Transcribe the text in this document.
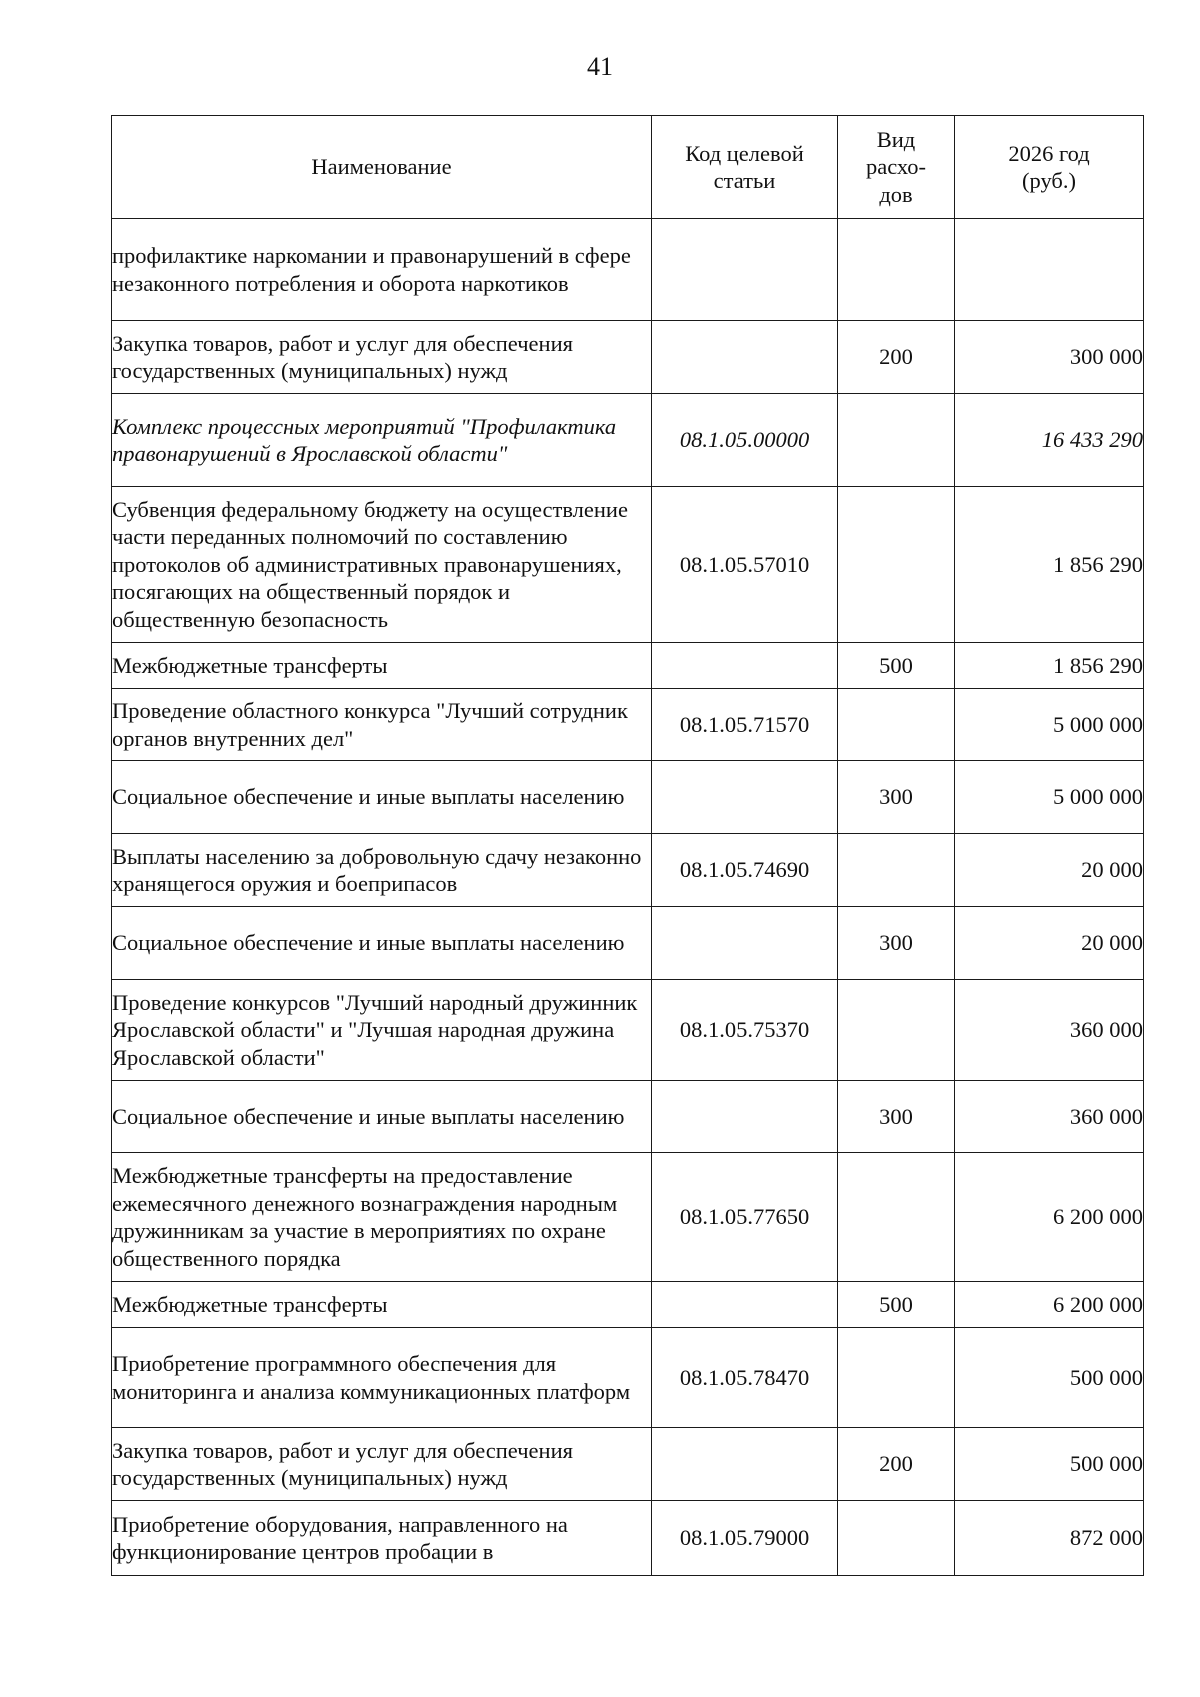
41
Наименование	Код целевой статьи	Вид расхо-дов	2026 год (руб.)
профилактике наркомании и правонарушений в сфере незаконного потребления и оборота наркотиков			
Закупка товаров, работ и услуг для обеспечения государственных (муниципальных) нужд		200	300 000
Комплекс процессных мероприятий "Профилактика правонарушений в Ярославской области"	08.1.05.00000		16 433 290
Субвенция федеральному бюджету на осуществление части переданных полномочий по составлению протоколов об административных правонарушениях, посягающих на общественный порядок и общественную безопасность	08.1.05.57010		1 856 290
Межбюджетные трансферты		500	1 856 290
Проведение областного конкурса "Лучший сотрудник органов внутренних дел"	08.1.05.71570		5 000 000
Социальное обеспечение и иные выплаты населению		300	5 000 000
Выплаты населению за добровольную сдачу незаконно хранящегося оружия и боеприпасов	08.1.05.74690		20 000
Социальное обеспечение и иные выплаты населению		300	20 000
Проведение конкурсов "Лучший народный дружинник Ярославской области" и "Лучшая народная дружина Ярославской области"	08.1.05.75370		360 000
Социальное обеспечение и иные выплаты населению		300	360 000
Межбюджетные трансферты на предоставление ежемесячного денежного вознаграждения народным дружинникам за участие в мероприятиях по охране общественного порядка	08.1.05.77650		6 200 000
Межбюджетные трансферты		500	6 200 000
Приобретение программного обеспечения для мониторинга и анализа коммуникационных платформ	08.1.05.78470		500 000
Закупка товаров, работ и услуг для обеспечения государственных (муниципальных) нужд		200	500 000
Приобретение оборудования, направленного на функционирование центров пробации в	08.1.05.79000		872 000
